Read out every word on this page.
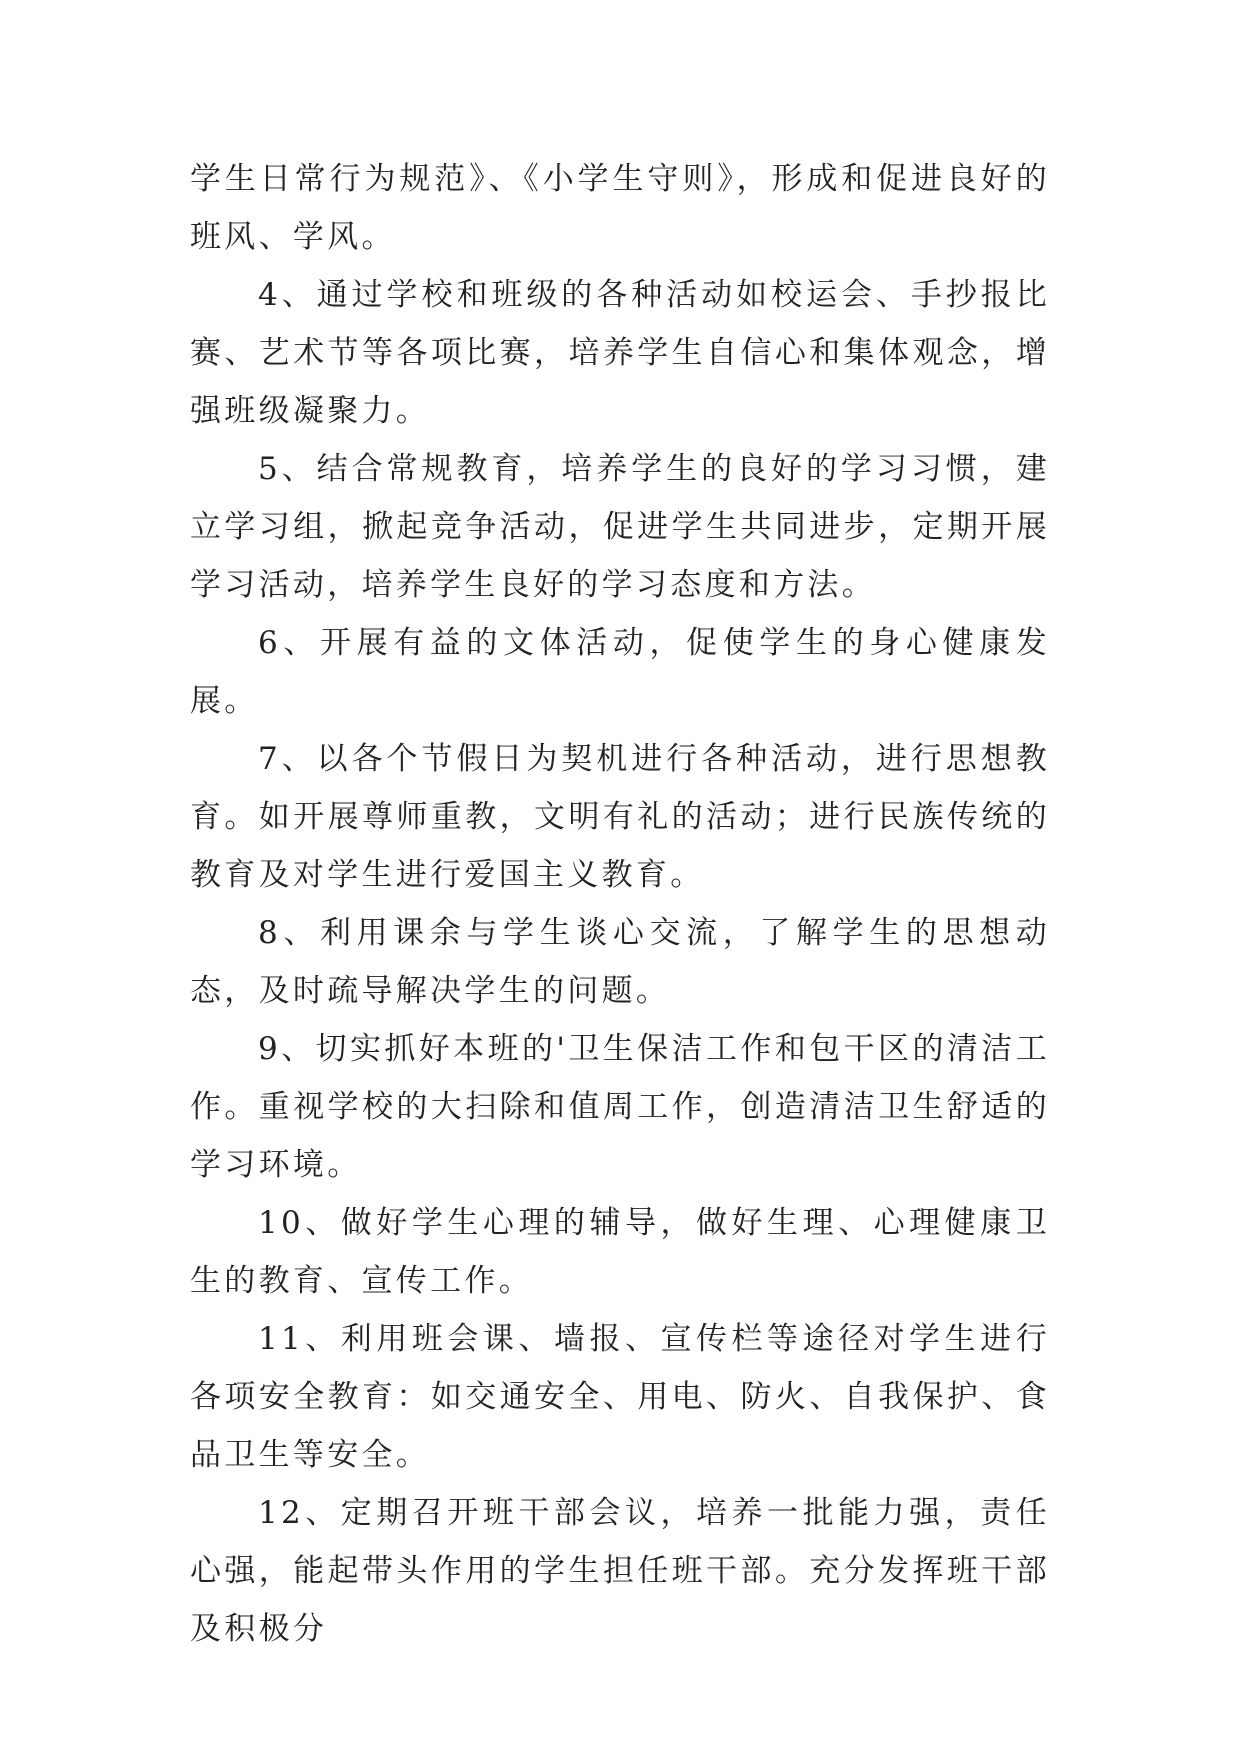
学生日常行为规范》、《小学生守则》，形成和促进良好的班风、学风。

4、通过学校和班级的各种活动如校运会、手抄报比赛、艺术节等各项比赛，培养学生自信心和集体观念，增强班级凝聚力。

5、结合常规教育，培养学生的良好的学习习惯，建立学习组，掀起竞争活动，促进学生共同进步，定期开展学习活动，培养学生良好的学习态度和方法。

6、开展有益的文体活动，促使学生的身心健康发展。

7、以各个节假日为契机进行各种活动，进行思想教育。如开展尊师重教，文明有礼的活动；进行民族传统的教育及对学生进行爱国主义教育。

8、利用课余与学生谈心交流，了解学生的思想动态，及时疏导解决学生的问题。

9、切实抓好本班的'卫生保洁工作和包干区的清洁工作。重视学校的大扫除和值周工作，创造清洁卫生舒适的学习环境。

10、做好学生心理的辅导，做好生理、心理健康卫生的教育、宣传工作。

11、利用班会课、墙报、宣传栏等途径对学生进行各项安全教育：如交通安全、用电、防火、自我保护、食品卫生等安全。

12、定期召开班干部会议，培养一批能力强，责任心强，能起带头作用的学生担任班干部。充分发挥班干部及积极分
